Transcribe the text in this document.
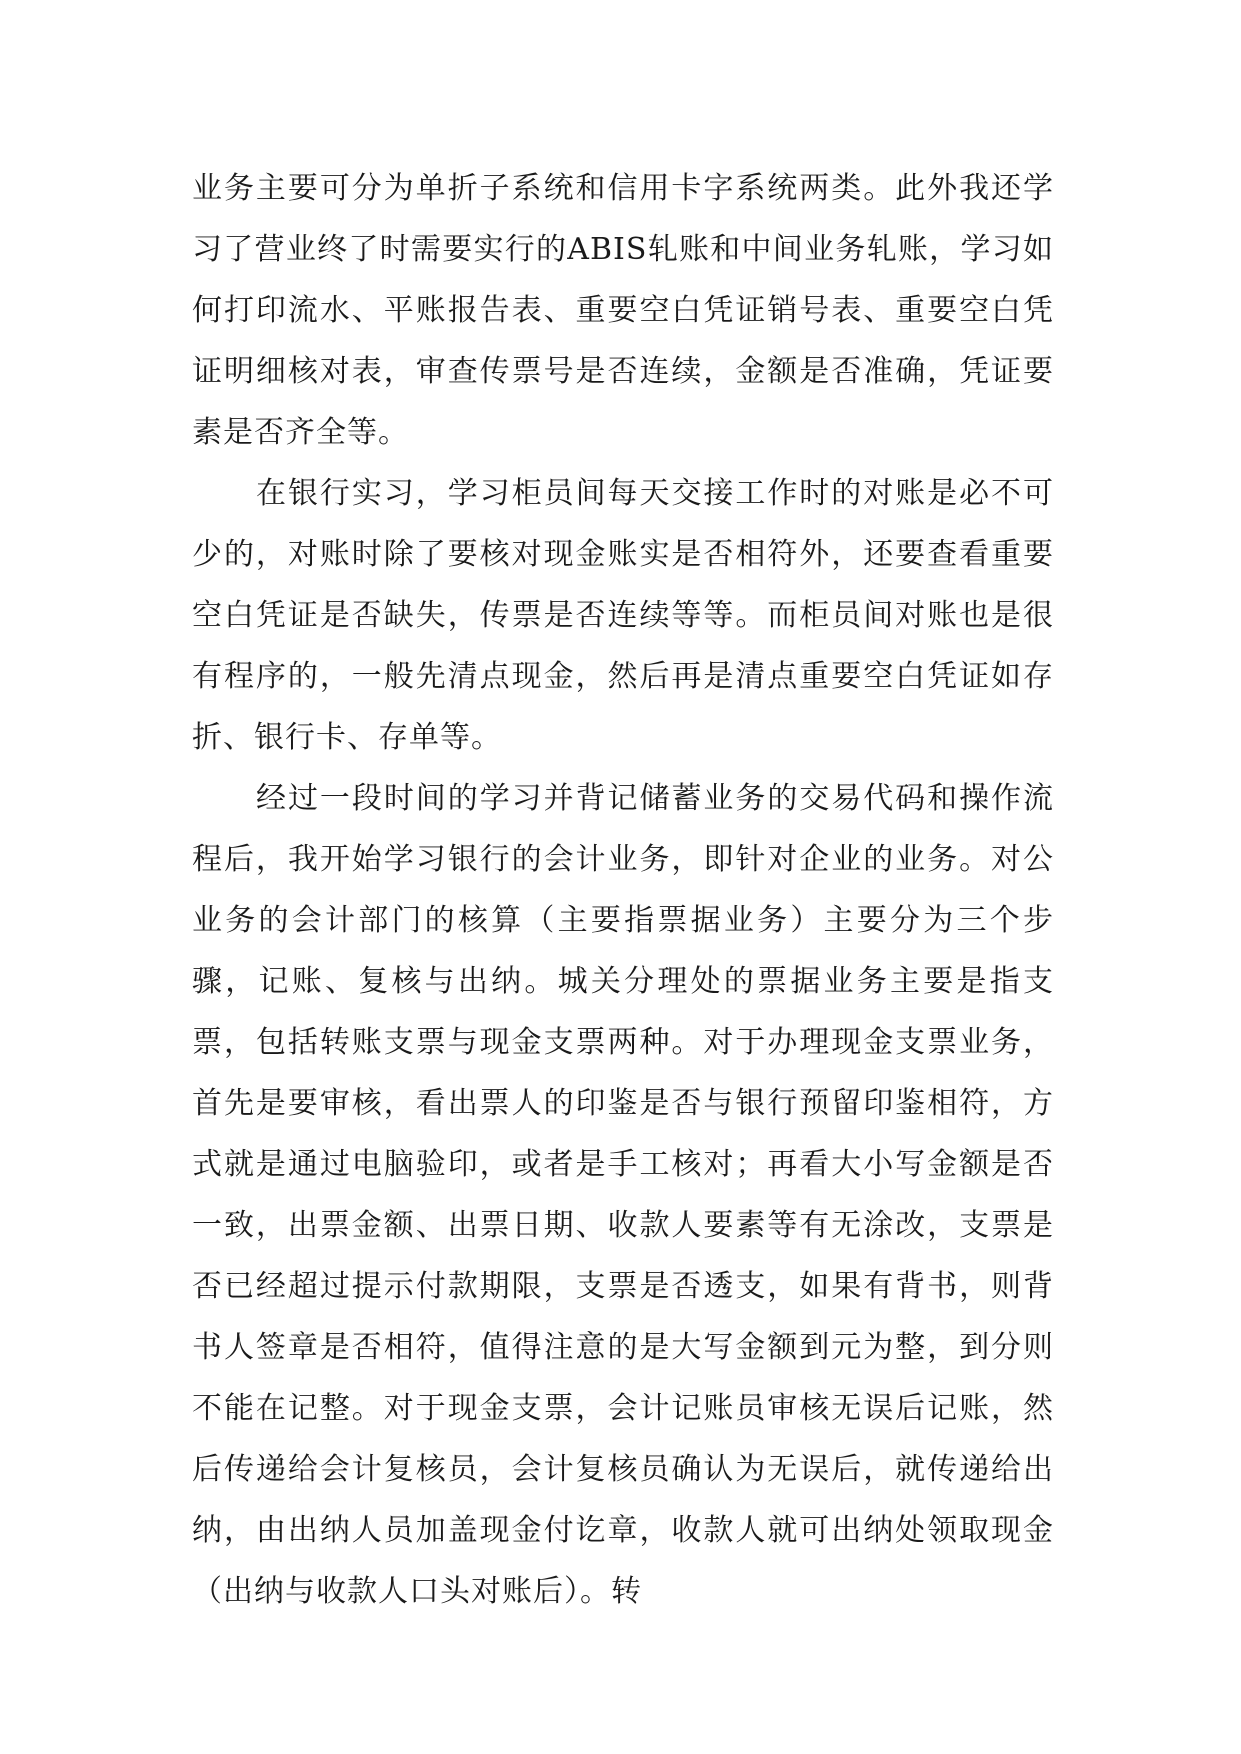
业务主要可分为单折子系统和信用卡字系统两类。此外我还学习了营业终了时需要实行的ABIS轧账和中间业务轧账，学习如何打印流水、平账报告表、重要空白凭证销号表、重要空白凭证明细核对表，审查传票号是否连续，金额是否准确，凭证要素是否齐全等。

在银行实习，学习柜员间每天交接工作时的对账是必不可少的，对账时除了要核对现金账实是否相符外，还要查看重要空白凭证是否缺失，传票是否连续等等。而柜员间对账也是很有程序的，一般先清点现金，然后再是清点重要空白凭证如存折、银行卡、存单等。

经过一段时间的学习并背记储蓄业务的交易代码和操作流程后，我开始学习银行的会计业务，即针对企业的业务。对公业务的会计部门的核算（主要指票据业务）主要分为三个步骤，记账、复核与出纳。城关分理处的票据业务主要是指支票，包括转账支票与现金支票两种。对于办理现金支票业务，首先是要审核，看出票人的印鉴是否与银行预留印鉴相符，方式就是通过电脑验印，或者是手工核对；再看大小写金额是否一致，出票金额、出票日期、收款人要素等有无涂改，支票是否已经超过提示付款期限，支票是否透支，如果有背书，则背书人签章是否相符，值得注意的是大写金额到元为整，到分则不能在记整。对于现金支票，会计记账员审核无误后记账，然后传递给会计复核员，会计复核员确认为无误后，就传递给出纳，由出纳人员加盖现金付讫章，收款人就可出纳处领取现金（出纳与收款人口头对账后）。转
